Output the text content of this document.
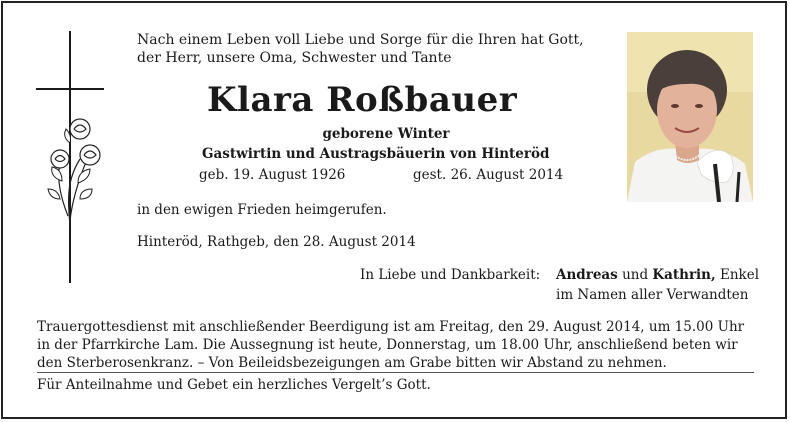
Nach einem Leben voll Liebe und Sorge für die Ihren hat Gott,
der Herr, unsere Oma, Schwester und Tante
Klara Roßbauer
geborene Winter
Gastwirtin und Austragsbäuerin von Hinteröd
geb. 19. August 1926	gest. 26. August 2014
in den ewigen Frieden heimgerufen.
Hinteröd, Rathgeb, den 28. August 2014
In Liebe und Dankbarkeit: Andreas und Kathrin, Enkel
im Namen aller Verwandten
Trauergottesdienst mit anschließender Beerdigung ist am Freitag, den 29. August 2014, um 15.00 Uhr in der Pfarrkirche Lam. Die Aussegnung ist heute, Donnerstag, um 18.00 Uhr, anschließend beten wir den Sterberosenkranz. – Von Beileidsbezeigungen am Grabe bitten wir Abstand zu nehmen.
Für Anteilnahme und Gebet ein herzliches Vergelt’s Gott.
